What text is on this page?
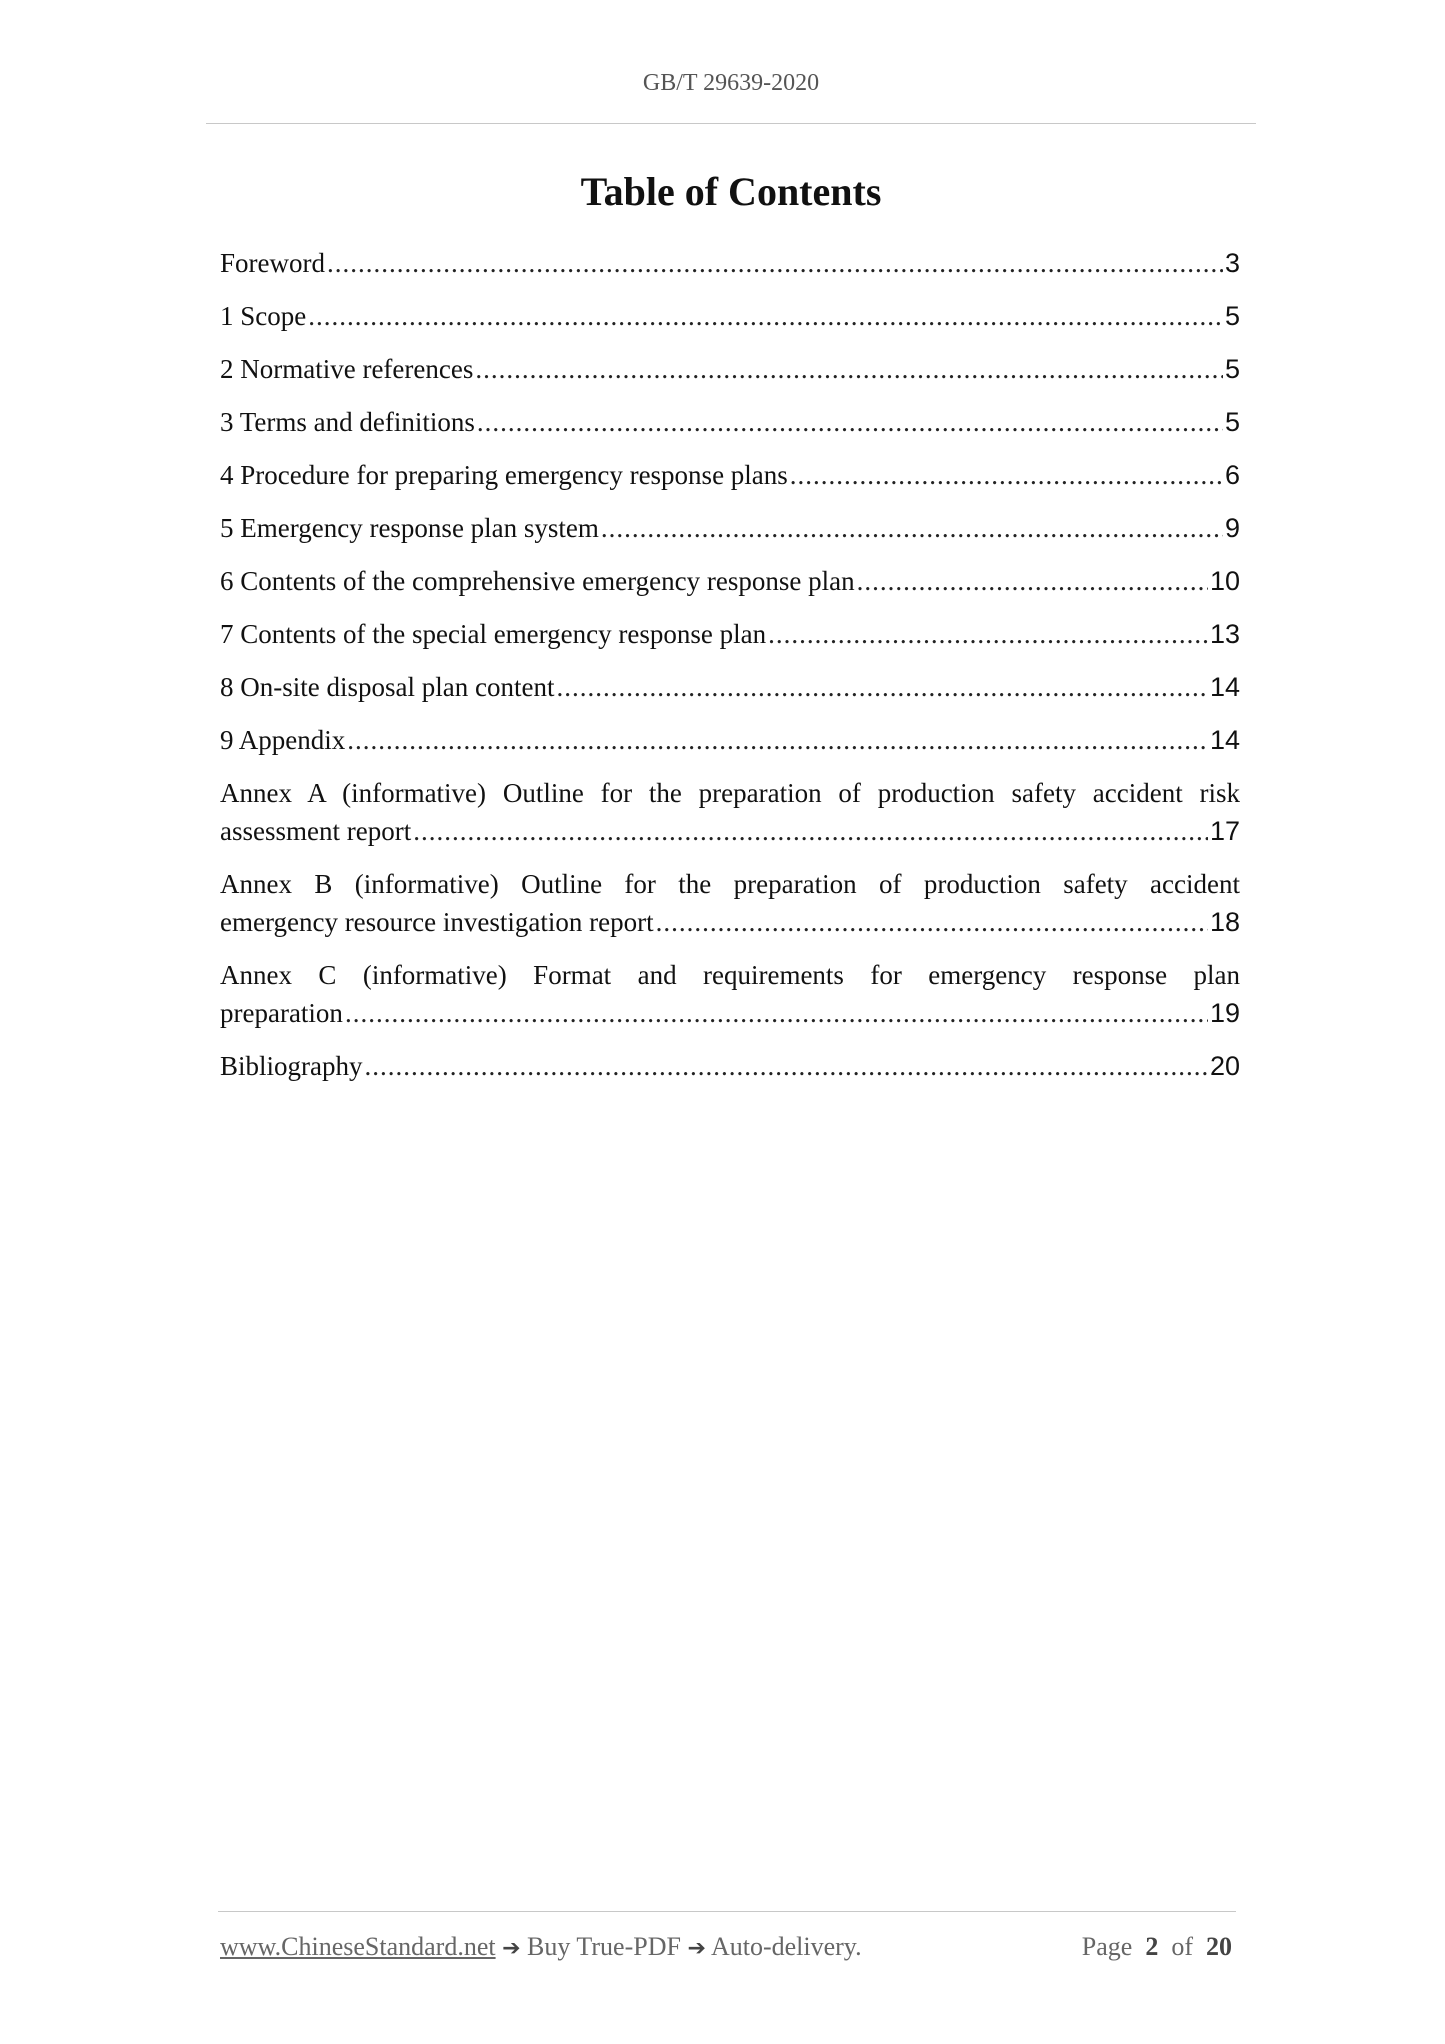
GB/T 29639-2020
Table of Contents
Foreword .....	3
1 Scope .....	5
2 Normative references .....	5
3 Terms and definitions .....	5
4 Procedure for preparing emergency response plans .....	6
5 Emergency response plan system .....	9
6 Contents of the comprehensive emergency response plan .....	10
7 Contents of the special emergency response plan .....	13
8 On-site disposal plan content .....	14
9 Appendix .....	14
Annex A (informative) Outline for the preparation of production safety accident risk
assessment report .....	17
Annex B (informative) Outline for the preparation of production safety accident
emergency resource investigation report .....	18
Annex C (informative) Format and requirements for emergency response plan
preparation .....	19
Bibliography .....	20
www.ChineseStandard.net ➔ Buy True-PDF ➔ Auto-delivery.	Page 2 of 20
